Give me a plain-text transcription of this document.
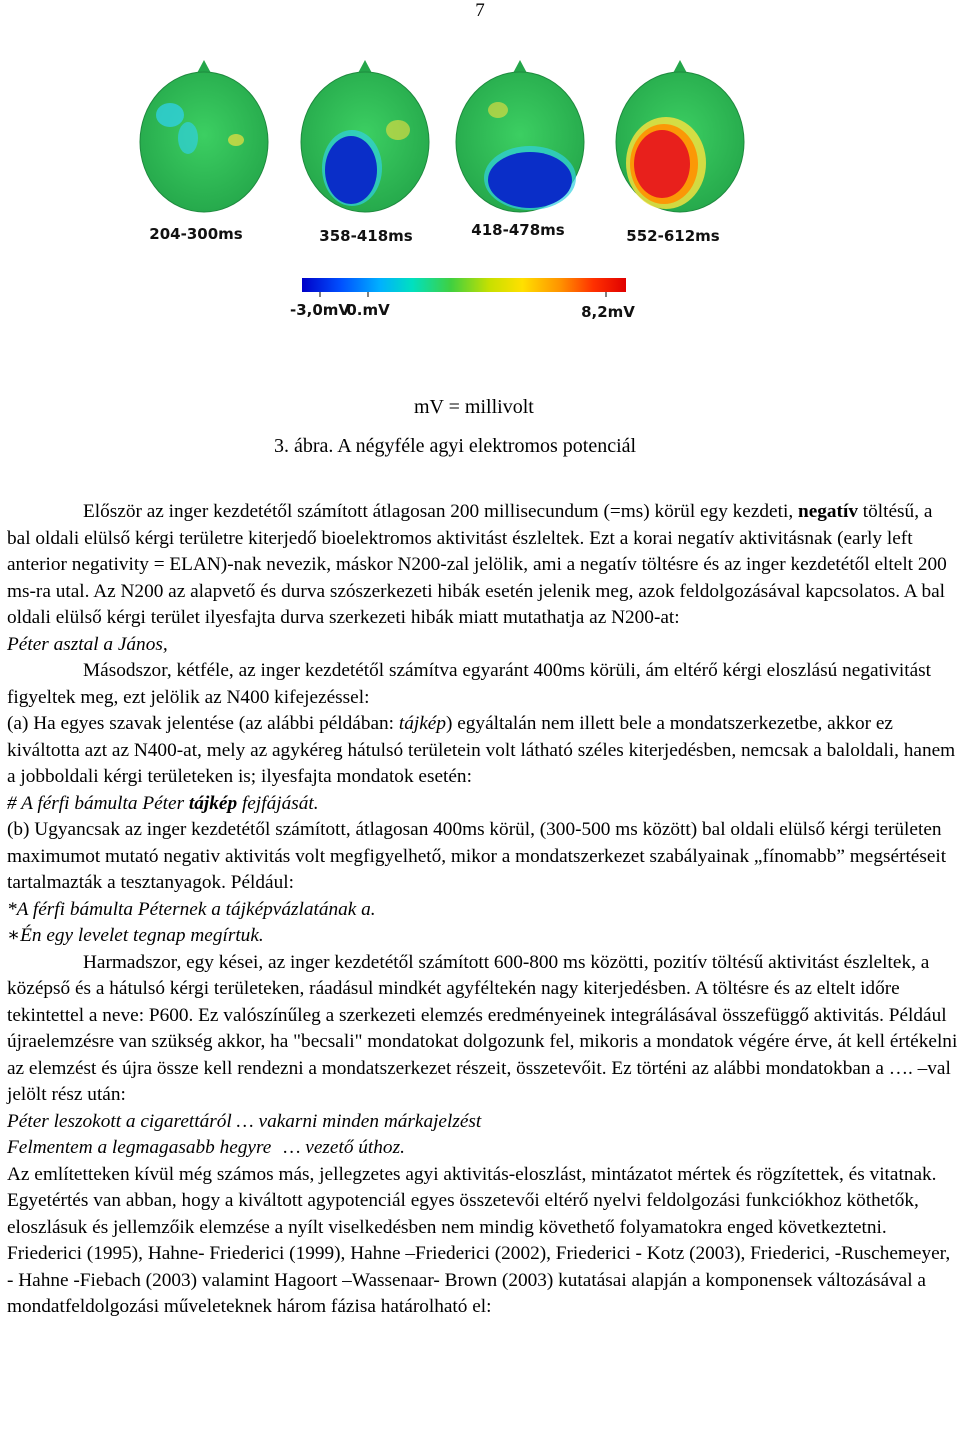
7
204-300ms	358-418ms	418-478ms	552-612ms
-3,0mV
0.mV	8,2mV
mV = millivolt
3. ábra. A négyféle agyi elektromos potenciál

Először az inger kezdetétől számított átlagosan 200 millisecundum (=ms) körül egy kezdeti, negatív töltésű, a bal oldali elülső kérgi területre kiterjedő bioelektromos aktivitást észleltek. Ezt a korai negatív aktivitásnak (early left anterior negativity = ELAN)-nak nevezik, máskor N200-zal jelölik, ami a negatív töltésre és az inger kezdetétől eltelt 200 ms-ra utal. Az N200 az alapvető és durva szószerkezeti hibák esetén jelenik meg, azok feldolgozásával kapcsolatos. A bal oldali elülső kérgi terület ilyesfajta durva szerkezeti hibák miatt mutathatja az N200-at:

Péter asztal a János,

Másodszor, kétféle, az inger kezdetétől számítva egyaránt 400ms körüli, ám eltérő kérgi eloszlású negativitást figyeltek meg, ezt jelölik az N400 kifejezéssel:

(a) Ha egyes szavak jelentése (az alábbi példában: tájkép) egyáltalán nem illett bele a mondatszerkezetbe, akkor ez kiváltotta azt az N400-at, mely az agykéreg hátulsó területein volt látható széles kiterjedésben, nemcsak a baloldali, hanem a jobboldali kérgi területeken is; ilyesfajta mondatok esetén:

# A férfi bámulta Péter tájkép fejfájását.

(b) Ugyancsak az inger kezdetétől számított, átlagosan 400ms körül, (300-500 ms között) bal oldali elülső kérgi területen maximumot mutató negativ aktivitás volt megfigyelhető, mikor a mondatszerkezet szabályainak „fínomabb” megsértéseit tartalmazták a tesztanyagok. Például:

*A férfi bámulta Péternek a tájképvázlatának a.

∗Én egy levelet tegnap megírtuk.

Harmadszor, egy kései, az inger kezdetétől számított 600-800 ms közötti, pozitív töltésű aktivitást észleltek, a középső és a hátulsó kérgi területeken, ráadásul mindkét agyféltekén nagy kiterjedésben. A töltésre és az eltelt időre tekintettel a neve: P600. Ez valószínűleg a szerkezeti elemzés eredményeinek integrálásával összefüggő aktivitás. Például újraelemzésre van szükség akkor, ha "becsali" mondatokat dolgozunk fel, mikoris a mondatok végére érve, át kell értékelni az elemzést és újra össze kell rendezni a mondatszerkezet részeit, összetevőit. Ez történi az alábbi mondatokban a …. –val jelölt rész után:

Péter leszokott a cigarettáról … vakarni minden márkajelzést

Felmentem a legmagasabb hegyre … vezető úthoz.

Az említetteken kívül még számos más, jellegzetes agyi aktivitás-eloszlást, mintázatot mértek és rögzítettek, és vitatnak. Egyetértés van abban, hogy a kiváltott agypotenciál egyes összetevői eltérő nyelvi feldolgozási funkciókhoz köthetők, eloszlásuk és jellemzőik elemzése a nyílt viselkedésben nem mindig követhető folyamatokra enged következtetni. Friederici (1995), Hahne- Friederici (1999), Hahne –Friederici (2002), Friederici - Kotz (2003), Friederici, -Ruschemeyer, - Hahne -Fiebach (2003) valamint Hagoort –Wassenaar- Brown (2003) kutatásai alapján a komponensek változásával a mondatfeldolgozási műveleteknek három fázisa határolható el:
